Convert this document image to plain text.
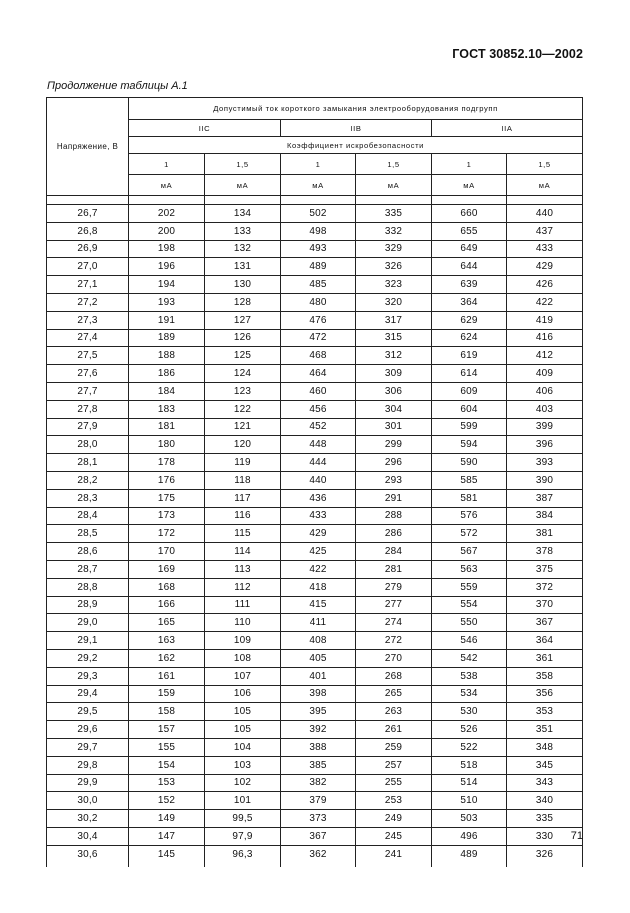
ГОСТ 30852.10—2002
Продолжение таблицы А.1
Напряжение, В	Допустимый ток короткого замыкания электрооборудования подгрупп					
	IIC		IIB		IIA	
	Коэффициент искробезопасности					
	1	1,5	1	1,5	1	1,5
	мА	мА	мА	мА	мА	мА

26,7	202	134	502	335	660	440
26,8	200	133	498	332	655	437
26,9	198	132	493	329	649	433
27,0	196	131	489	326	644	429
27,1	194	130	485	323	639	426
27,2	193	128	480	320	364	422
27,3	191	127	476	317	629	419
27,4	189	126	472	315	624	416
27,5	188	125	468	312	619	412
27,6	186	124	464	309	614	409
27,7	184	123	460	306	609	406
27,8	183	122	456	304	604	403
27,9	181	121	452	301	599	399
28,0	180	120	448	299	594	396
28,1	178	119	444	296	590	393
28,2	176	118	440	293	585	390
28,3	175	117	436	291	581	387
28,4	173	116	433	288	576	384
28,5	172	115	429	286	572	381
28,6	170	114	425	284	567	378
28,7	169	113	422	281	563	375
28,8	168	112	418	279	559	372
28,9	166	111	415	277	554	370
29,0	165	110	411	274	550	367
29,1	163	109	408	272	546	364
29,2	162	108	405	270	542	361
29,3	161	107	401	268	538	358
29,4	159	106	398	265	534	356
29,5	158	105	395	263	530	353
29,6	157	105	392	261	526	351
29,7	155	104	388	259	522	348
29,8	154	103	385	257	518	345
29,9	153	102	382	255	514	343
30,0	152	101	379	253	510	340
30,2	149	99,5	373	249	503	335
30,4	147	97,9	367	245	496	330
30,6	145	96,3	362	241	489	326

71
